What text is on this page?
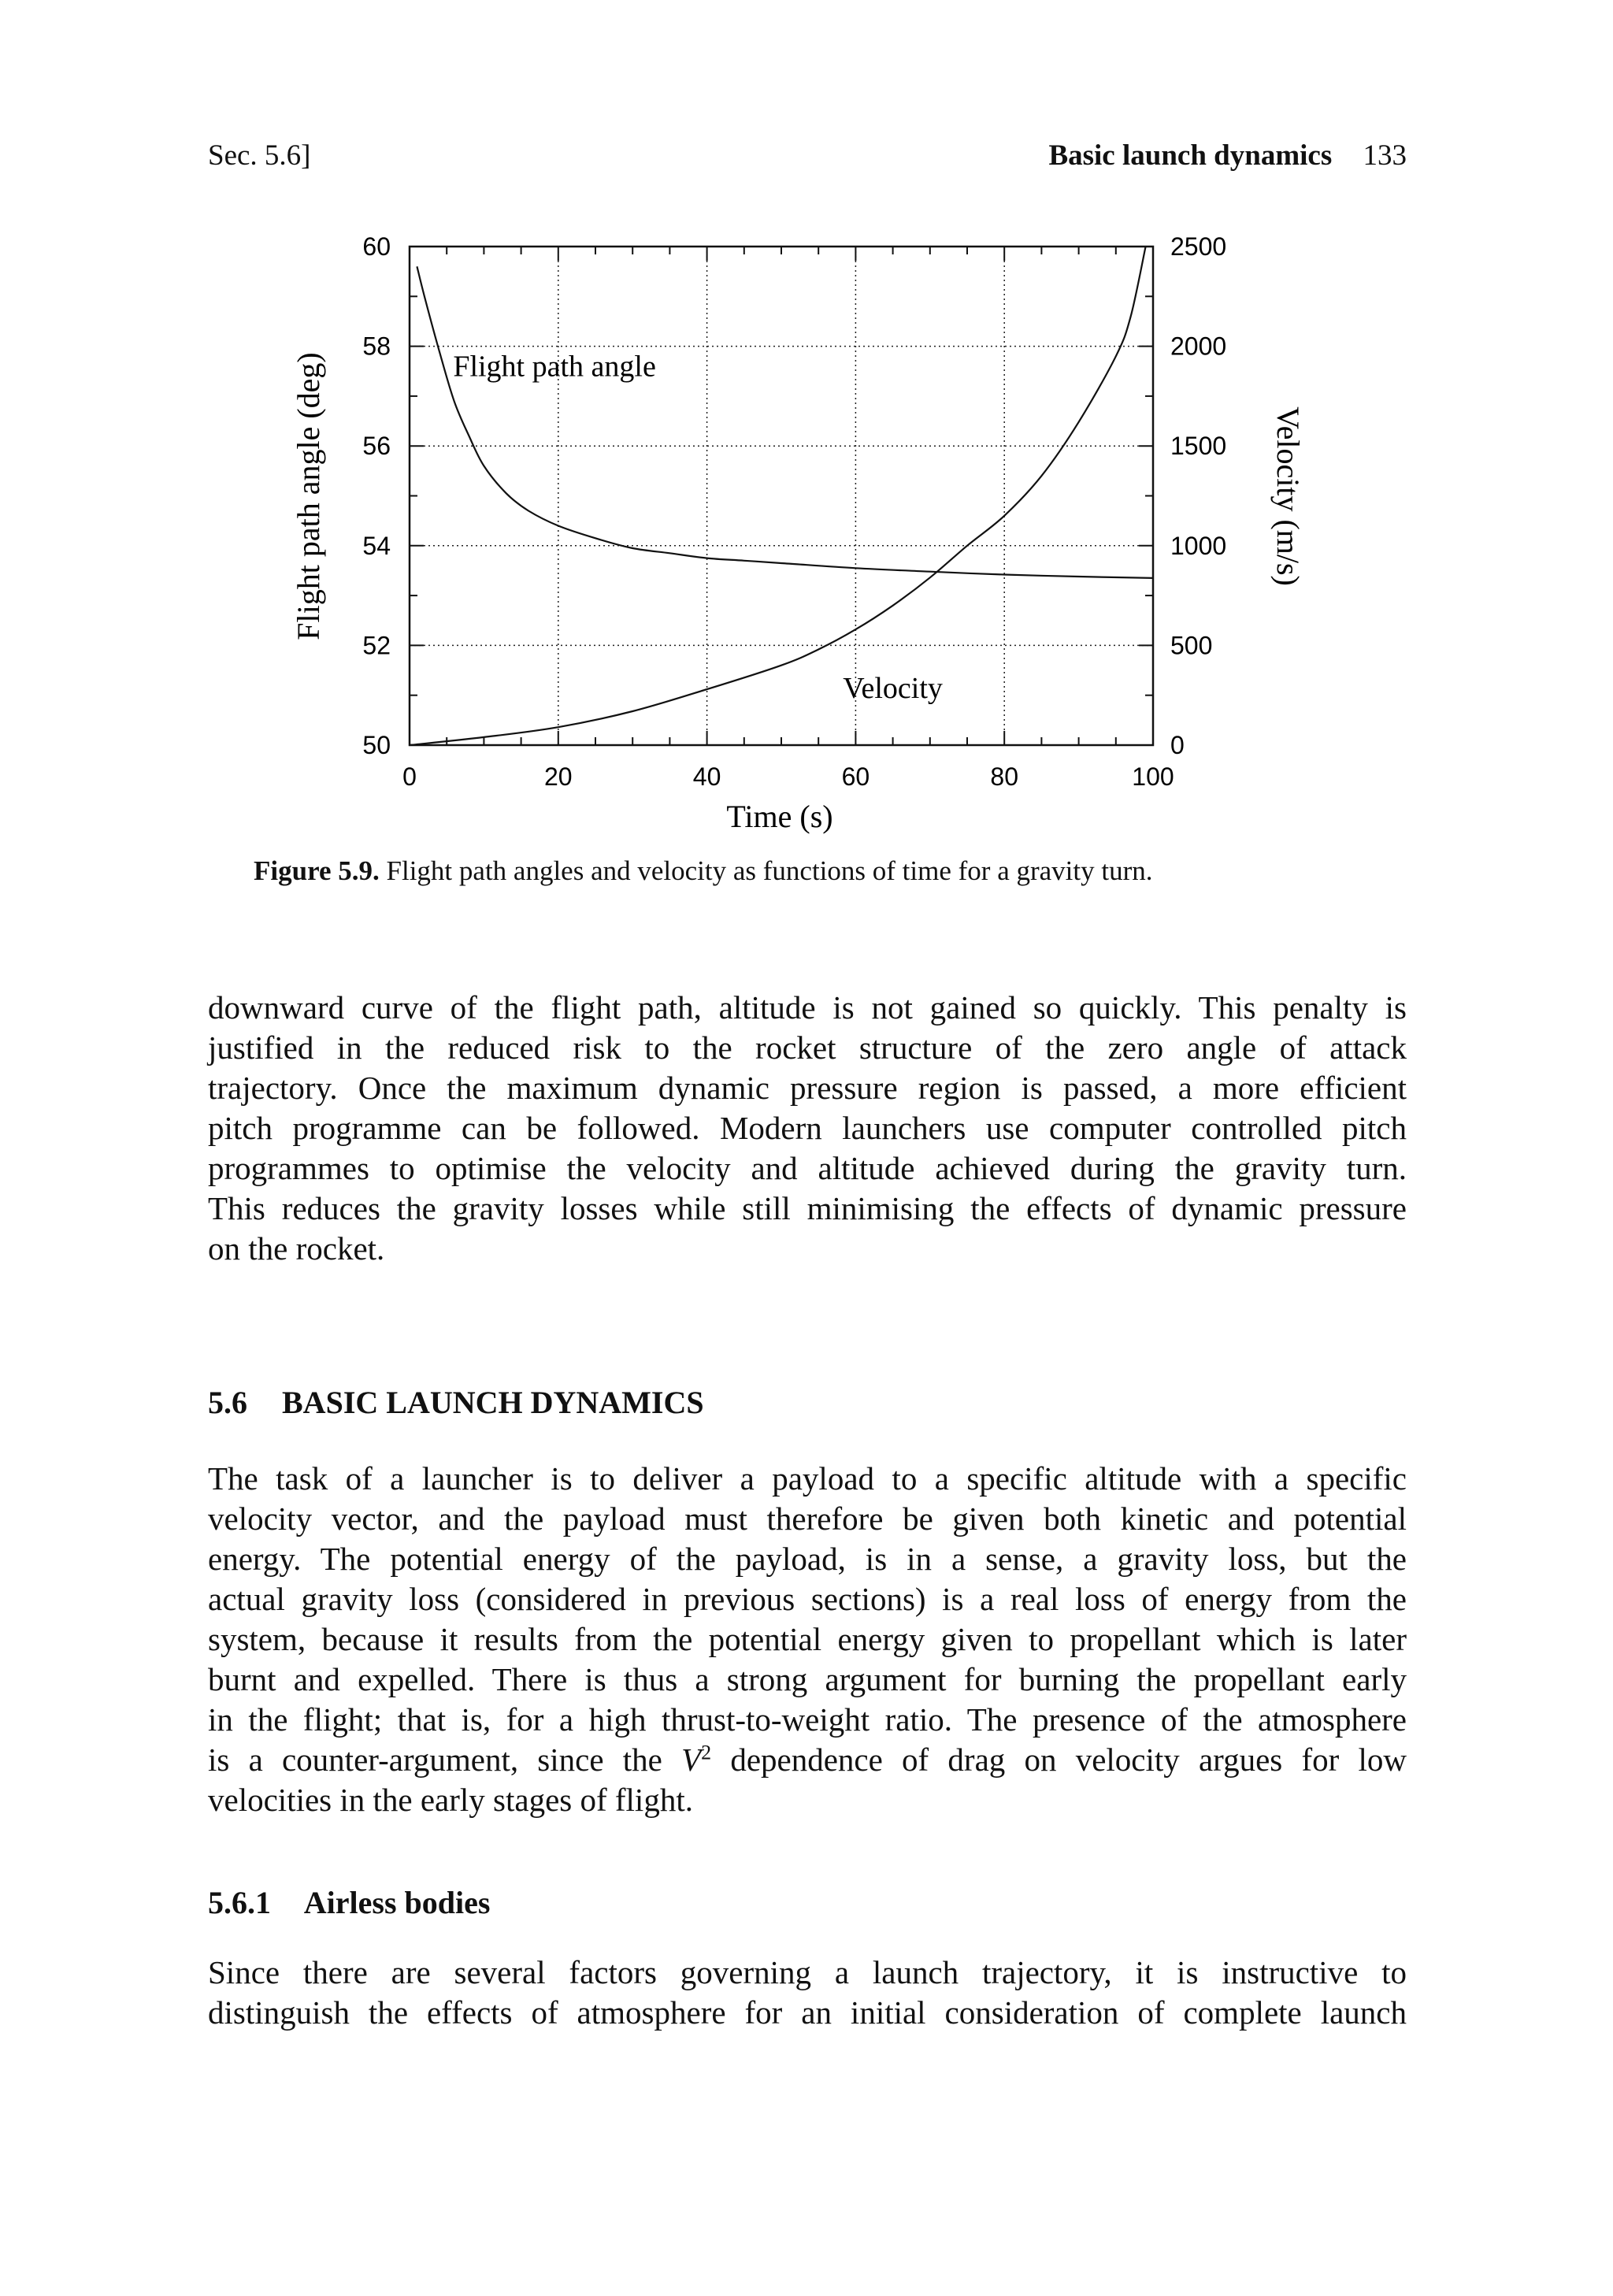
Sec. 5.6]	Basic launch dynamics 133
0	20	40	60	80	100
50
52
54
56
58
60
0
500
1000
1500
2000
2500
Flight path angle
Velocity
Time (s)
Flight path angle (deg)	Velocity (m/s)
Figure 5.9. Flight path angles and velocity as functions of time for a gravity turn.
downward curve of the flight path, altitude is not gained so quickly. This penalty is
justified in the reduced risk to the rocket structure of the zero angle of attack
trajectory. Once the maximum dynamic pressure region is passed, a more efficient
pitch programme can be followed. Modern launchers use computer controlled pitch
programmes to optimise the velocity and altitude achieved during the gravity turn.
This reduces the gravity losses while still minimising the effects of dynamic pressure
on the rocket.
5.6 BASIC LAUNCH DYNAMICS
The task of a launcher is to deliver a payload to a specific altitude with a specific
velocity vector, and the payload must therefore be given both kinetic and potential
energy. The potential energy of the payload, is in a sense, a gravity loss, but the
actual gravity loss (considered in previous sections) is a real loss of energy from the
system, because it results from the potential energy given to propellant which is later
burnt and expelled. There is thus a strong argument for burning the propellant early
in the flight; that is, for a high thrust-to-weight ratio. The presence of the atmosphere
is a counter-argument, since the $V^2$ dependence of drag on velocity argues for low
velocities in the early stages of flight.
5.6.1 Airless bodies
Since there are several factors governing a launch trajectory, it is instructive to
distinguish the effects of atmosphere for an initial consideration of complete launch
